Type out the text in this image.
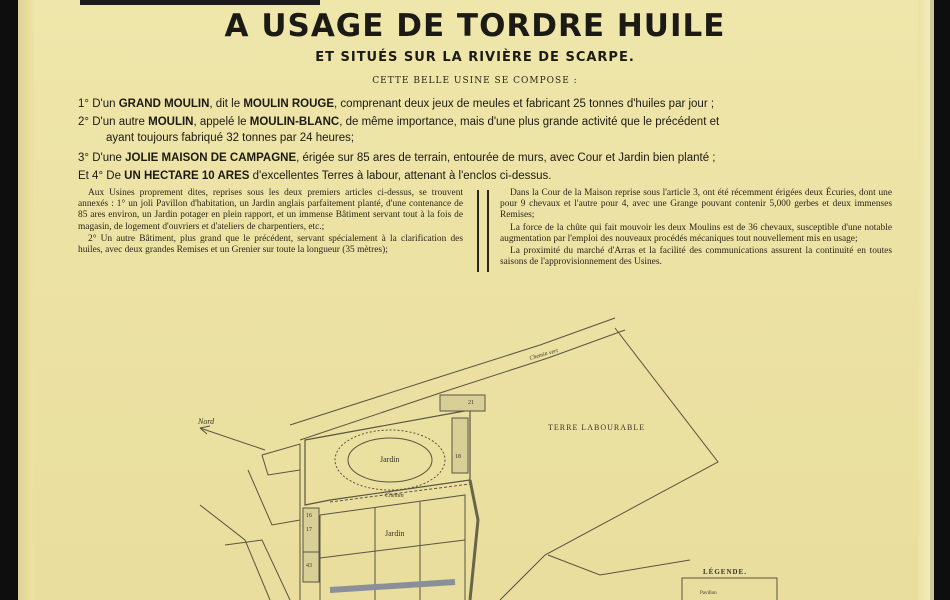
A USAGE DE TORDRE HUILE
ET SITUÉS SUR LA RIVIÈRE DE SCARPE.
CETTE BELLE USINE SE COMPOSE :
1° D'un GRAND MOULIN, dit le MOULIN ROUGE, comprenant deux jeux de meules et fabricant 25 tonnes d'huiles par jour ;
2° D'un autre MOULIN, appelé le MOULIN-BLANC, de même importance, mais d'une plus grande activité que le précédent et
ayant toujours fabriqué 32 tonnes par 24 heures;
3° D'une JOLIE MAISON DE CAMPAGNE, érigée sur 85 ares de terrain, entourée de murs, avec Cour et Jardin bien planté ;
Et 4° De UN HECTARE 10 ARES d'excellentes Terres à labour, attenant à l'enclos ci-dessus.

Aux Usines proprement dites, reprises sous les deux premiers articles ci-dessus, se trouvent annexés : 1° un joli Pavillon d'habitation, un Jardin anglais parfaitement planté, d'une contenance de 85 ares environ, un Jardin potager en plein rapport, et un immense Bâtiment servant tout à la fois de magasin, de logement d'ouvriers et d'ateliers de charpentiers, etc.;

2° Un autre Bâtiment, plus grand que le précédent, servant spécialement à la clarification des huiles, avec deux grandes Remises et un Grenier sur toute la longueur (35 mètres);

Dans la Cour de la Maison reprise sous l'article 3, ont été récemment érigées deux Écuries, dont une pour 9 chevaux et l'autre pour 4, avec une Grange pouvant contenir 5,000 gerbes et deux immenses Remises;

La force de la chûte qui fait mouvoir les deux Moulins est de 36 chevaux, susceptible d'une notable augmentation par l'emploi des nouveaux procédés mécaniques tout nouvellement mis en usage;

La proximité du marché d'Arras et la facilité des communications assurent la continuité en toutes saisons de l'approvisionnement des Usines.

TERRE LABOURABLE
Jardin
Jardin
Chemin
Chemin vert
Nord
LÉGENDE.
Pavillon
21
18
16
17
43
